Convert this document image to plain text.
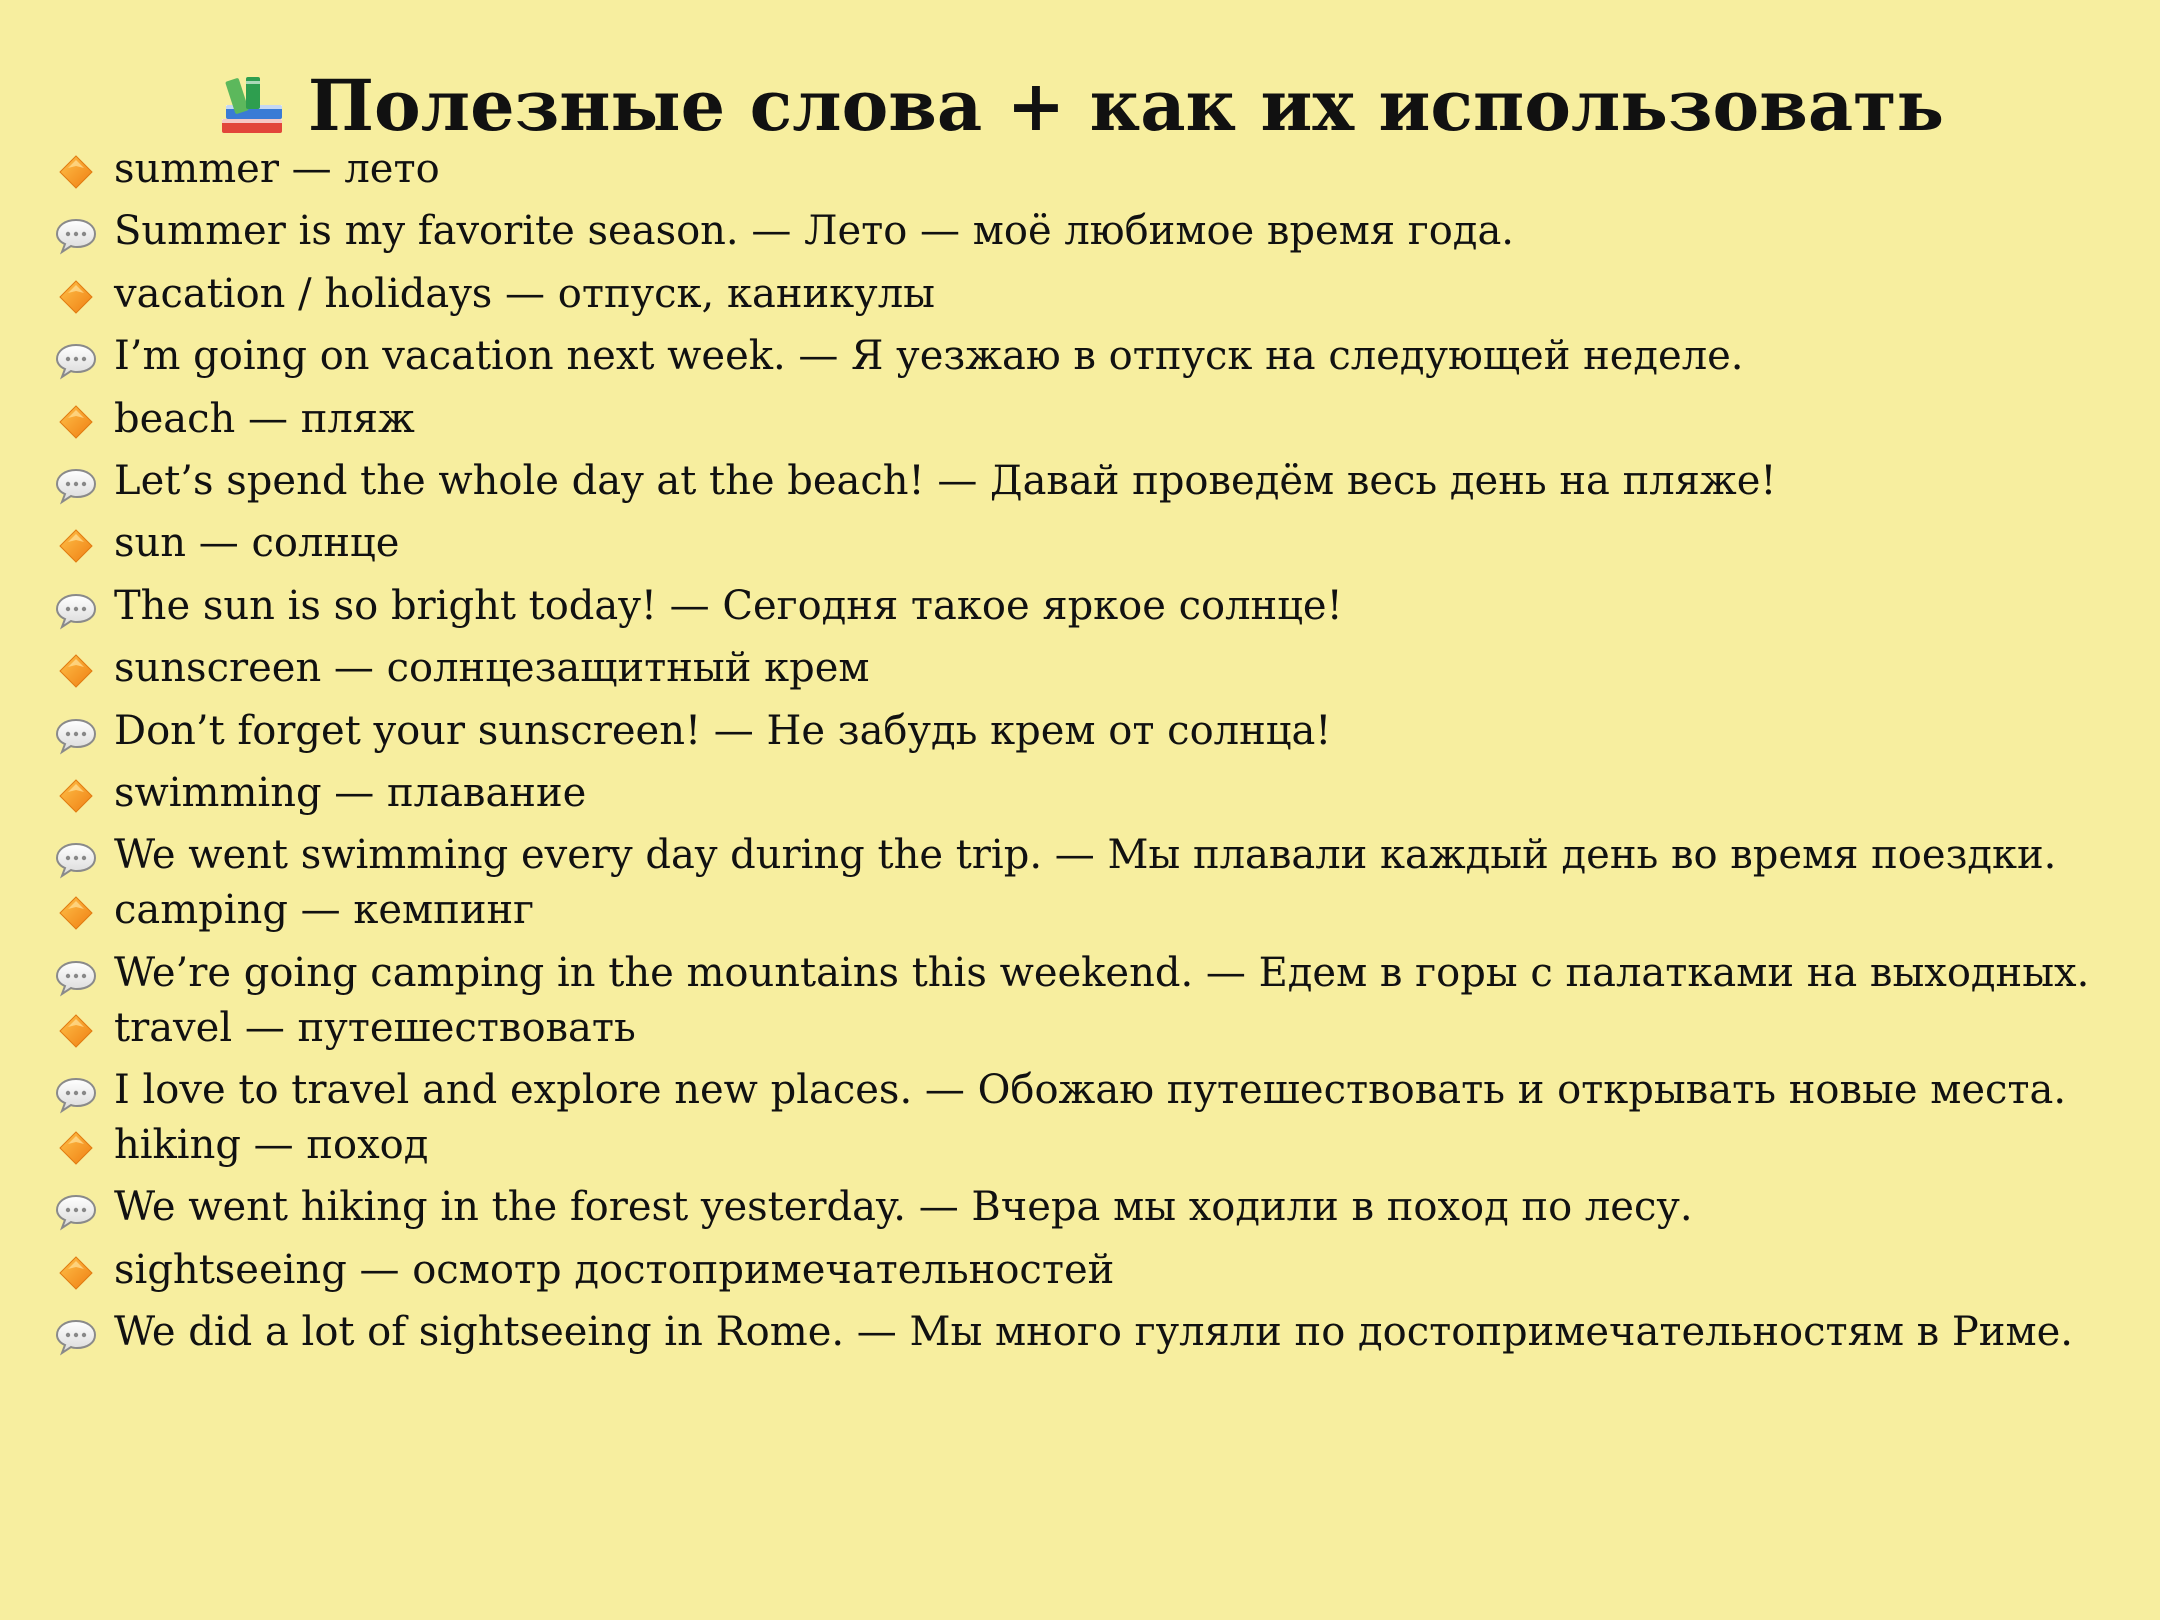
Полезные слова + как их использовать
summer — лето
Summer is my favorite season. — Лето — моё любимое время года.
vacation / holidays — отпуск, каникулы
I’m going on vacation next week. — Я уезжаю в отпуск на следующей неделе.
beach — пляж
Let’s spend the whole day at the beach! — Давай проведём весь день на пляже!
sun — солнце
The sun is so bright today! — Сегодня такое яркое солнце!
sunscreen — солнцезащитный крем
Don’t forget your sunscreen! — Не забудь крем от солнца!
swimming — плавание
We went swimming every day during the trip. — Мы плавали каждый день во время поездки.
camping — кемпинг
We’re going camping in the mountains this weekend. — Едем в горы с палатками на выходных.
travel — путешествовать
I love to travel and explore new places. — Обожаю путешествовать и открывать новые места.
hiking — поход
We went hiking in the forest yesterday. — Вчера мы ходили в поход по лесу.
sightseeing — осмотр достопримечательностей
We did a lot of sightseeing in Rome. — Мы много гуляли по достопримечательностям в Риме.
